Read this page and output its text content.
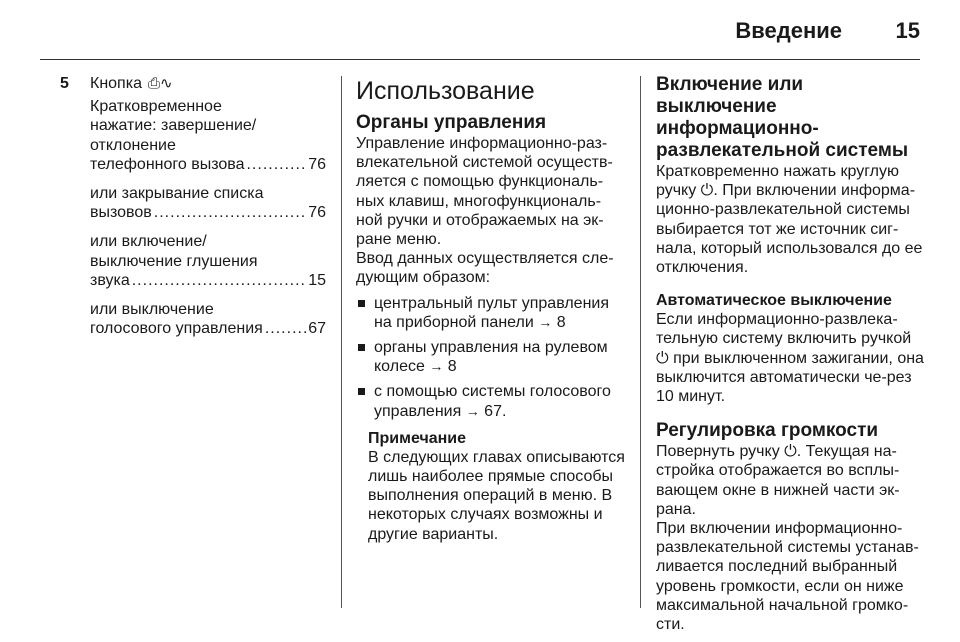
Введение 15
5	Кнопка ⎙∿
Кратковременное
нажатие: завершение/
отклонение
телефонного вызова .....	76
или закрывание списка
вызовов .....	76
или включение/
выключение глушения
звука .....	15
или выключение
голосового управления .....	67
Использование
Органы управления

Управление информационно-раз-влекательной системой осуществ-ляется с помощью функциональ-ных клавиш, многофункциональ-ной ручки и отображаемых на эк-ране меню.

Ввод данных осуществляется сле-дующим образом:

центральный пульт управления на приборной панели → 8
органы управления на рулевом колесе → 8
с помощью системы голосового управления → 67.
Примечание

В следующих главах описываются лишь наиболее прямые способы выполнения операций в меню. В некоторых случаях возможны и другие варианты.

Включение или выключение информационно-развлекательной системы

Кратковременно нажать круглую ручку ⏻. При включении информа-ционно-развлекательной системы выбирается тот же источник сиг-нала, который использовался до ее отключения.

Автоматическое выключение

Если информационно-развлека-тельную систему включить ручкой ⏻ при выключенном зажигании, она выключится автоматически че-рез 10 минут.

Регулировка громкости

Повернуть ручку ⏻. Текущая на-стройка отображается во всплы-вающем окне в нижней части эк-рана.

При включении информационно-развлекательной системы устанав-ливается последний выбранный уровень громкости, если он ниже максимальной начальной громко-сти.
